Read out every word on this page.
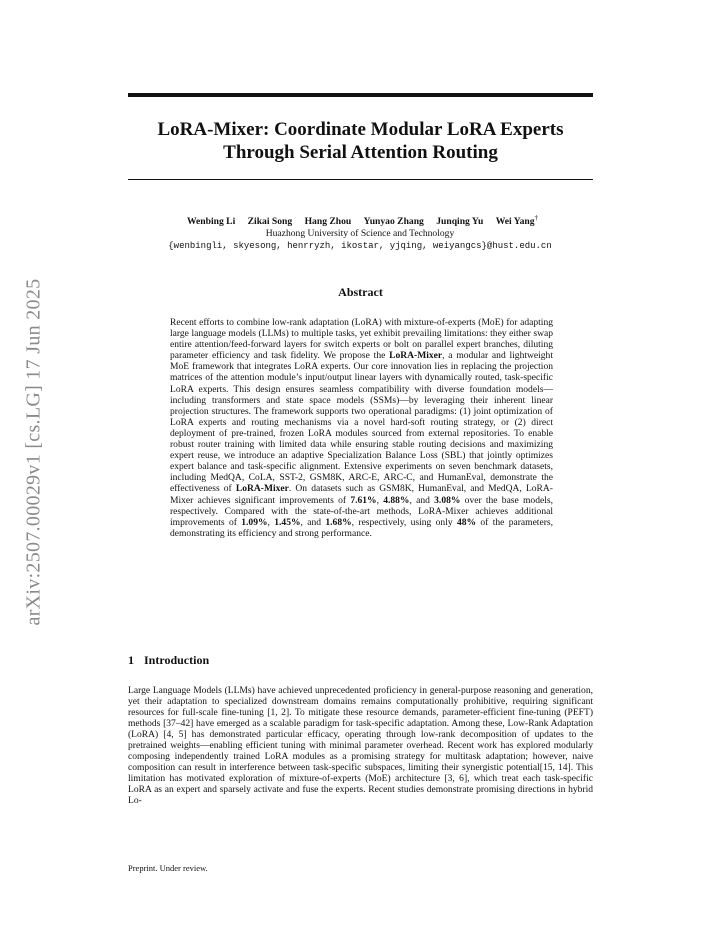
arXiv:2507.00029v1 [cs.LG] 17 Jun 2025
LoRA-Mixer: Coordinate Modular LoRA Experts
Through Serial Attention Routing
Wenbing Li Zikai Song Hang Zhou Yunyao Zhang Junqing Yu Wei Yang†
Huazhong University of Science and Technology
{wenbingli, skyesong, henrryzh, ikostar, yjqing, weiyangcs}@hust.edu.cn
Abstract

Recent efforts to combine low-rank adaptation (LoRA) with mixture-of-experts (MoE) for adapting large language models (LLMs) to multiple tasks, yet exhibit prevailing limitations: they either swap entire attention/feed-forward layers for switch experts or bolt on parallel expert branches, diluting parameter efficiency and task fidelity. We propose the LoRA-Mixer, a modular and lightweight MoE framework that integrates LoRA experts. Our core innovation lies in replacing the projection matrices of the attention module’s input/output linear layers with dynamically routed, task-specific LoRA experts. This design ensures seamless compatibility with diverse foundation models—including transformers and state space models (SSMs)—by leveraging their inherent linear projection structures. The framework supports two operational paradigms: (1) joint optimization of LoRA experts and routing mechanisms via a novel hard-soft routing strategy, or (2) direct deployment of pre-trained, frozen LoRA modules sourced from external repositories. To enable robust router training with limited data while ensuring stable routing decisions and maximizing expert reuse, we introduce an adaptive Specialization Balance Loss (SBL) that jointly optimizes expert balance and task-specific alignment. Extensive experiments on seven benchmark datasets, including MedQA, CoLA, SST-2, GSM8K, ARC-E, ARC-C, and HumanEval, demonstrate the effectiveness of LoRA-Mixer. On datasets such as GSM8K, HumanEval, and MedQA, LoRA-Mixer achieves significant improvements of 7.61%, 4.88%, and 3.08% over the base models, respectively. Compared with the state-of-the-art methods, LoRA-Mixer achieves additional improvements of 1.09%, 1.45%, and 1.68%, respectively, using only 48% of the parameters, demonstrating its efficiency and strong performance.

1 Introduction

Large Language Models (LLMs) have achieved unprecedented proficiency in general-purpose reasoning and generation, yet their adaptation to specialized downstream domains remains computationally prohibitive, requiring significant resources for full-scale fine-tuning [1, 2]. To mitigate these resource demands, parameter-efficient fine-tuning (PEFT) methods [37–42] have emerged as a scalable paradigm for task-specific adaptation. Among these, Low-Rank Adaptation (LoRA) [4, 5] has demonstrated particular efficacy, operating through low-rank decomposition of updates to the pretrained weights—enabling efficient tuning with minimal parameter overhead. Recent work has explored modularly composing independently trained LoRA modules as a promising strategy for multitask adaptation; however, naive composition can result in interference between task-specific subspaces, limiting their synergistic potential[15, 14]. This limitation has motivated exploration of mixture-of-experts (MoE) architecture [3, 6], which treat each task-specific LoRA as an expert and sparsely activate and fuse the experts. Recent studies demonstrate promising directions in hybrid Lo-

Preprint. Under review.
